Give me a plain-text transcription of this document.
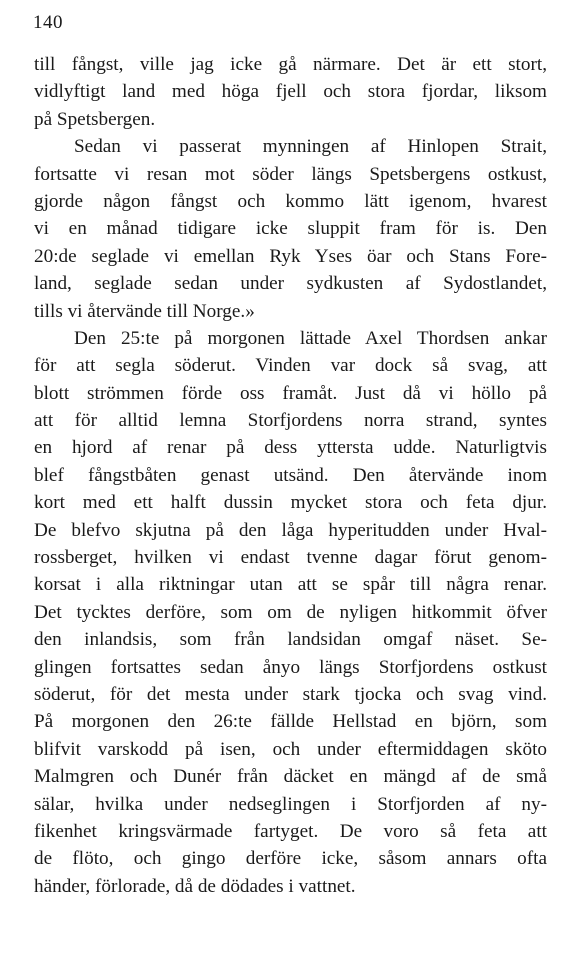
140
till fångst, ville jag icke gå närmare. Det är ett stort,
vidlyftigt land med höga fjell och stora fjordar, liksom
på Spetsbergen.
Sedan vi passerat mynningen af Hinlopen Strait,
fortsatte vi resan mot söder längs Spetsbergens ostkust,
gjorde någon fångst och kommo lätt igenom, hvarest
vi en månad tidigare icke sluppit fram för is. Den
20:de seglade vi emellan Ryk Yses öar och Stans Fore-
land, seglade sedan under sydkusten af Sydostlandet,
tills vi återvände till Norge.»
Den 25:te på morgonen lättade Axel Thordsen ankar
för att segla söderut. Vinden var dock så svag, att
blott strömmen förde oss framåt. Just då vi höllo på
att för alltid lemna Storfjordens norra strand, syntes
en hjord af renar på dess yttersta udde. Naturligtvis
blef fångstbåten genast utsänd. Den återvände inom
kort med ett halft dussin mycket stora och feta djur.
De blefvo skjutna på den låga hyperitudden under Hval-
rossberget, hvilken vi endast tvenne dagar förut genom-
korsat i alla riktningar utan att se spår till några renar.
Det tycktes derföre, som om de nyligen hitkommit öfver
den inlandsis, som från landsidan omgaf näset. Se-
glingen fortsattes sedan ånyo längs Storfjordens ostkust
söderut, för det mesta under stark tjocka och svag vind.
På morgonen den 26:te fällde Hellstad en björn, som
blifvit varskodd på isen, och under eftermiddagen sköto
Malmgren och Dunér från däcket en mängd af de små
sälar, hvilka under nedseglingen i Storfjorden af ny-
fikenhet kringsvärmade fartyget. De voro så feta att
de flöto, och gingo derföre icke, såsom annars ofta
händer, förlorade, då de dödades i vattnet.
